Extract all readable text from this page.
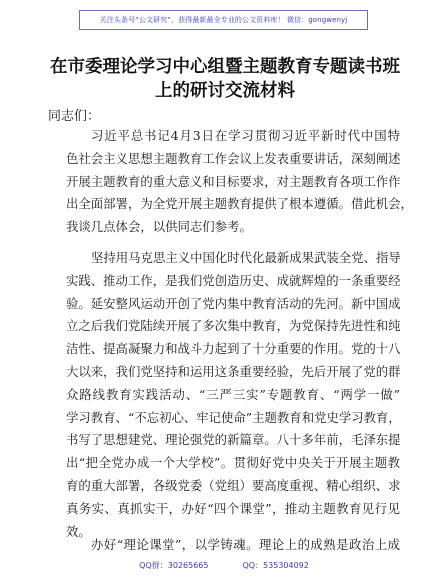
关注头条号“公文研究”，获得最新最全专业的公文资料库！ 微信：gongwenyj
在市委理论学习中心组暨主题教育专题读书班
上的研讨交流材料

同志们：

习近平总书记4月3日在学习贯彻习近平新时代中国特

色社会主义思想主题教育工作会议上发表重要讲话，深刻阐述

开展主题教育的重大意义和目标要求，对主题教育各项工作作

出全面部署，为全党开展主题教育提供了根本遵循。借此机会，

我谈几点体会，以供同志们参考。

坚持用马克思主义中国化时代化最新成果武装全党、指导

实践、推动工作，是我们党创造历史、成就辉煌的一条重要经

验。延安整风运动开创了党内集中教育活动的先河。新中国成

立之后我们党陆续开展了多次集中教育，为党保持先进性和纯

洁性、提高凝聚力和战斗力起到了十分重要的作用。党的十八

大以来，我们党坚持和运用这条重要经验，先后开展了党的群

众路线教育实践活动、“三严三实”专题教育、“两学一做”

学习教育、“不忘初心、牢记使命”主题教育和党史学习教育，

书写了思想建党、理论强党的新篇章。八十多年前，毛泽东提

出“把全党办成一个大学校”。贯彻好党中央关于开展主题教

育的重大部署，各级党委（党组）要高度重视、精心组织、求

真务实、真抓实干，办好“四个课堂”，推动主题教育见行见

效。

办好“理论课堂”，以学铸魂。理论上的成熟是政治上成

QQ群：30265665	QQ：535304092
